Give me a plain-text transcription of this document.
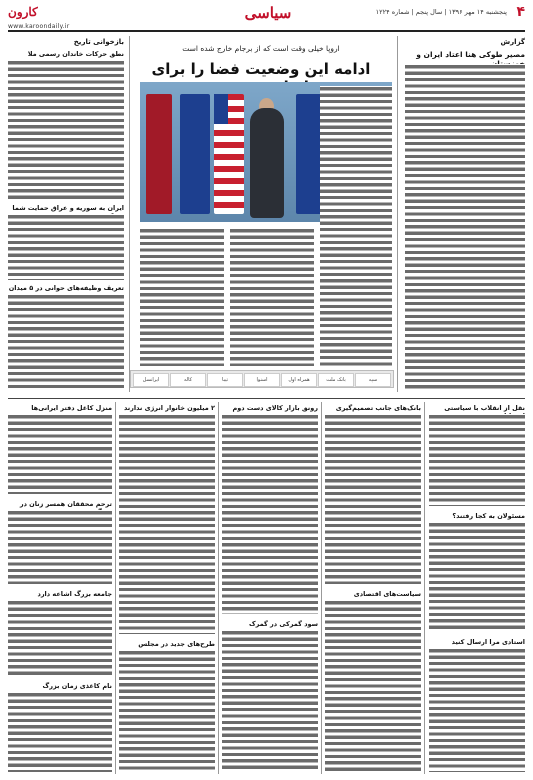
۴
پنجشنبه ۱۴ مهر ۱۳۹۶ | سال پنجم | شماره ۱۲۲۴
سیاسی
کارون
www.karoondaily.ir
گزارش
مصیر طوکی هنا اعتاد ایران و
اروپا خیلی وقت است که از برجام خارج شده است
ادامه این وضعیت فضا را برای
ایرانسل	کاله	تیبا	اسنوا	همراه اول	بانک ملت	سپه
بازخوانی تاریخ
نطق حرکات خاندان رسمی ملا
ایران به سوریه و عراق حمایت شما
تعریف وظیفه‌های حوانی در ۵ میدان
نقل از انقلاب با سیاستی
مسئولان به کجا رفتند؟
استادی مرا ارسال کنید
بانک‌های جانب تصمیم‌گیری
سیاست‌های اقتصادی
رونق بازار کالای دست دوم
سود گمرکی در گمرک
۲ میلیون خانوار انرژی ندارند
طرح‌های جدید در مجلس
منزل کاغل دفتر ایرانی‌ها
ترحم محققان همسر زنان در
جامعه بزرگ اشاعه دارد
نام کاغذی زمان بزرگ
